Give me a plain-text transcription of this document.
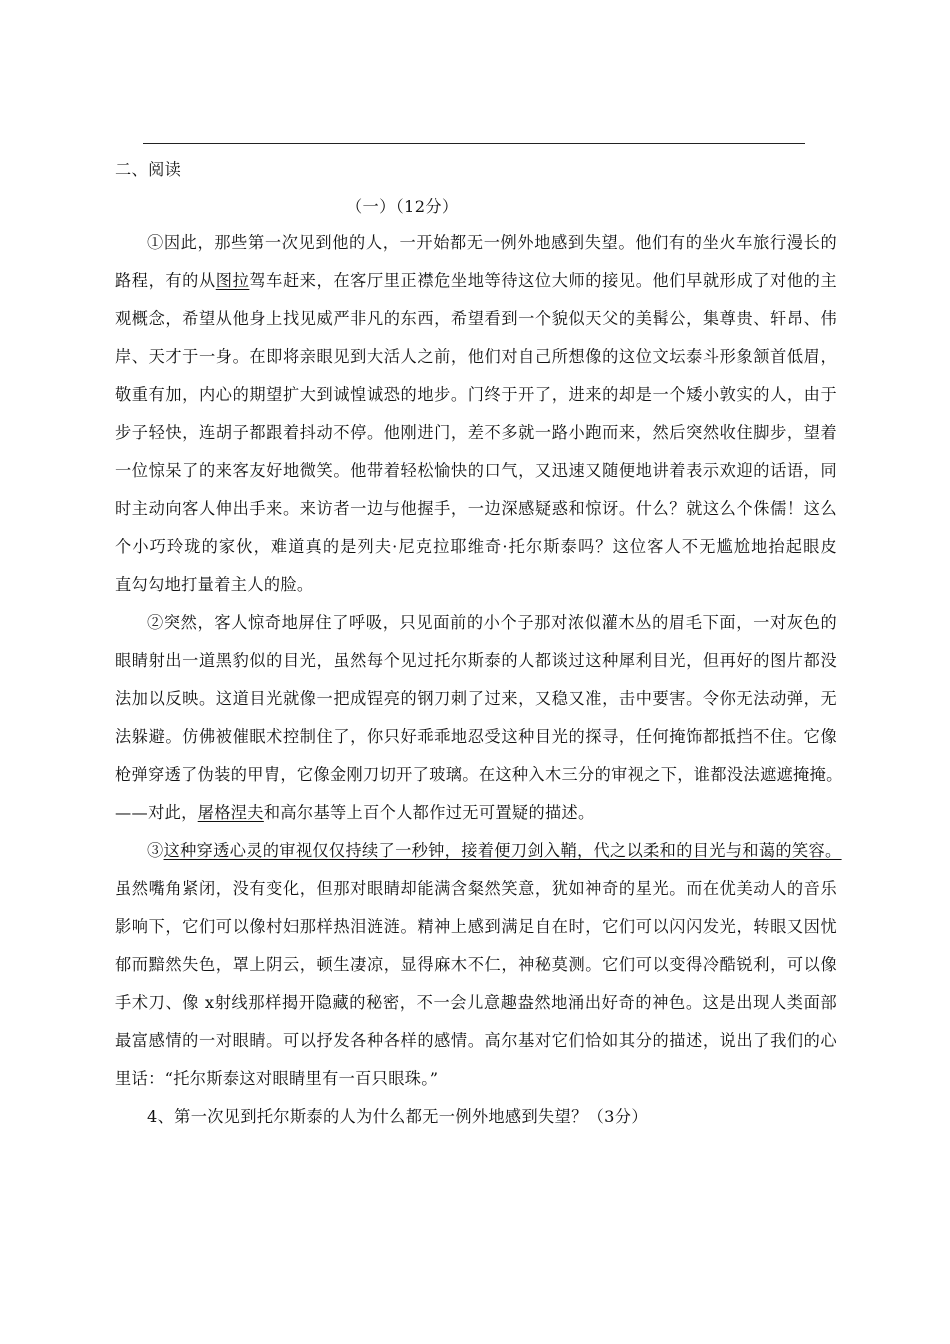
二、阅读
（一）（12分）
①因此，那些第一次见到他的人，一开始都无一例外地感到失望。他们有的坐火车旅行漫长的
路程，有的从图拉驾车赶来，在客厅里正襟危坐地等待这位大师的接见。他们早就形成了对他的主
观概念，希望从他身上找见威严非凡的东西，希望看到一个貌似天父的美髯公，集尊贵、轩昂、伟
岸、天才于一身。在即将亲眼见到大活人之前，他们对自己所想像的这位文坛泰斗形象颔首低眉，
敬重有加，内心的期望扩大到诚惶诚恐的地步。门终于开了，进来的却是一个矮小敦实的人，由于
步子轻快，连胡子都跟着抖动不停。他刚进门，差不多就一路小跑而来，然后突然收住脚步，望着
一位惊呆了的来客友好地微笑。他带着轻松愉快的口气，又迅速又随便地讲着表示欢迎的话语，同
时主动向客人伸出手来。来访者一边与他握手，一边深感疑惑和惊讶。什么？就这么个侏儒！这么
个小巧玲珑的家伙，难道真的是列夫·尼克拉耶维奇·托尔斯泰吗？这位客人不无尴尬地抬起眼皮
直勾勾地打量着主人的脸。
②突然，客人惊奇地屏住了呼吸，只见面前的小个子那对浓似灌木丛的眉毛下面，一对灰色的
眼睛射出一道黑豹似的目光，虽然每个见过托尔斯泰的人都谈过这种犀利目光，但再好的图片都没
法加以反映。这道目光就像一把成锃亮的钢刀刺了过来，又稳又准，击中要害。令你无法动弹，无
法躲避。仿佛被催眠术控制住了，你只好乖乖地忍受这种目光的探寻，任何掩饰都抵挡不住。它像
枪弹穿透了伪装的甲胄，它像金刚刀切开了玻璃。在这种入木三分的审视之下，谁都没法遮遮掩掩。
——对此，屠格涅夫和高尔基等上百个人都作过无可置疑的描述。
③这种穿透心灵的审视仅仅持续了一秒钟，接着便刀剑入鞘，代之以柔和的目光与和蔼的笑容。
虽然嘴角紧闭，没有变化，但那对眼睛却能满含粲然笑意，犹如神奇的星光。而在优美动人的音乐
影响下，它们可以像村妇那样热泪涟涟。精神上感到满足自在时，它们可以闪闪发光，转眼又因忧
郁而黯然失色，罩上阴云，顿生凄凉，显得麻木不仁，神秘莫测。它们可以变得冷酷锐利，可以像
手术刀、像 x射线那样揭开隐藏的秘密，不一会儿意趣盎然地涌出好奇的神色。这是出现人类面部
最富感情的一对眼睛。可以抒发各种各样的感情。高尔基对它们恰如其分的描述，说出了我们的心
里话：“托尔斯泰这对眼睛里有一百只眼珠。”
4、第一次见到托尔斯泰的人为什么都无一例外地感到失望？（3分）
